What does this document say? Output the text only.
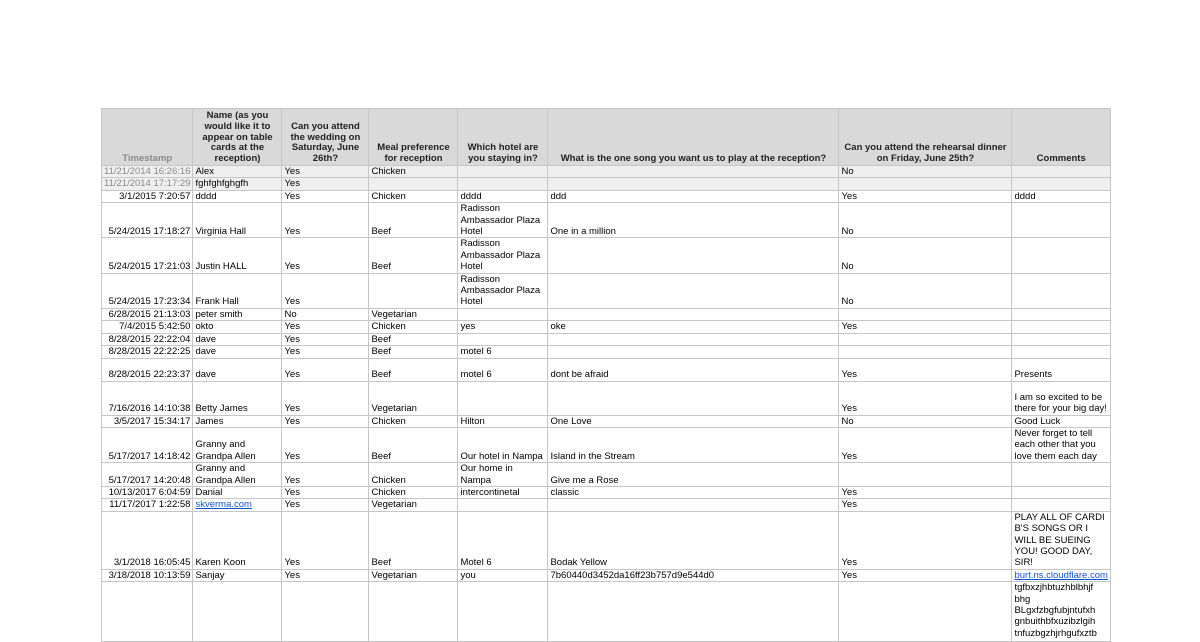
Timestamp	Name (as you would like it to appear on table cards at the reception)	Can you attend the wedding on Saturday, June 26th?	Meal preference for reception	Which hotel are you staying in?	What is the one song you want us to play at the reception?	Can you attend the rehearsal dinner on Friday, June 25th?	Comments
11/21/2014 16:26:16	Alex	Yes	Chicken			No	
11/21/2014 17:17:29	fghfghfghgfh	Yes					
3/1/2015 7:20:57	dddd	Yes	Chicken	dddd	ddd	Yes	dddd
5/24/2015 17:18:27	Virginia Hall	Yes	Beef	Radisson Ambassador Plaza Hotel	One in a million	No	
5/24/2015 17:21:03	Justin HALL	Yes	Beef	Radisson Ambassador Plaza Hotel		No	
5/24/2015 17:23:34	Frank Hall	Yes		Radisson Ambassador Plaza Hotel		No	
6/28/2015 21:13:03	peter smith	No	Vegetarian				
7/4/2015 5:42:50	okto	Yes	Chicken	yes	oke	Yes	
8/28/2015 22:22:04	dave	Yes	Beef				
8/28/2015 22:22:25	dave	Yes	Beef	motel 6			
8/28/2015 22:23:37	dave	Yes	Beef	motel 6	dont be afraid	Yes	Presents
7/16/2016 14:10:38	Betty James	Yes	Vegetarian			Yes	I am so excited to be there for your big day!
3/5/2017 15:34:17	James	Yes	Chicken	Hilton	One Love	No	Good Luck
5/17/2017 14:18:42	Granny and Grandpa Allen	Yes	Beef	Our hotel in Nampa	Island in the Stream	Yes	Never forget to tell each other that you love them each day
5/17/2017 14:20:48	Granny and Grandpa Allen	Yes	Chicken	Our home in Nampa	Give me a Rose		
10/13/2017 6:04:59	Danial	Yes	Chicken	intercontinetal	classic	Yes	
11/17/2017 1:22:58	skverma.com	Yes	Vegetarian			Yes	
3/1/2018 16:05:45	Karen Koon	Yes	Beef	Motel 6	Bodak Yellow	Yes	PLAY ALL OF CARDI B'S SONGS OR I WILL BE SUEING YOU! GOOD DAY, SIR!
3/18/2018 10:13:59	Sanjay	Yes	Vegetarian	you	7b60440d3452da16ff23b757d9e544d0	Yes	burt.ns.cloudflare.com
							tgfbxzjhbtuzhblbhjf bhg BLgxfzbgfubjntufxh gnbuithbfxuzibzlgih tnfuzbgzhjrhgufxztb
